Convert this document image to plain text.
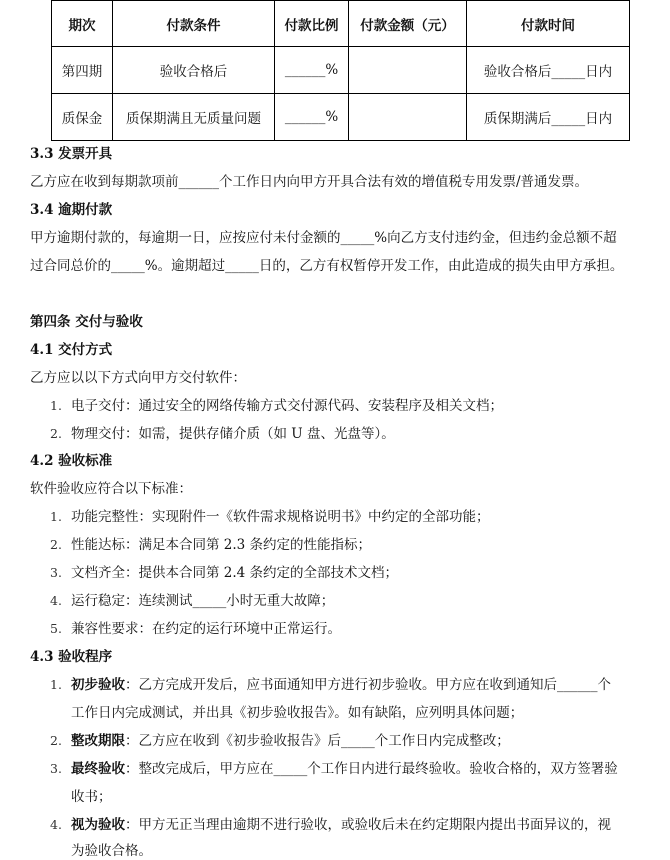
期次	付款条件	付款比例	付款金额（元）	付款时间
第四期	验收合格后	______%		验收合格后_____日内
质保金	质保期满且无质量问题	______%		质保期满后_____日内
3.3 发票开具
乙方应在收到每期款项前______个工作日内向甲方开具合法有效的增值税专用发票/普通发票。
3.4 逾期付款
甲方逾期付款的，每逾期一日，应按应付未付金额的_____%向乙方支付违约金，但违约金总额不超
过合同总价的_____%。逾期超过_____日的，乙方有权暂停开发工作，由此造成的损失由甲方承担。
第四条 交付与验收
4.1 交付方式
乙方应以以下方式向甲方交付软件：
1. 电子交付：通过安全的网络传输方式交付源代码、安装程序及相关文档；
2. 物理交付：如需，提供存储介质（如 U 盘、光盘等）。
4.2 验收标准
软件验收应符合以下标准：
1. 功能完整性：实现附件一《软件需求规格说明书》中约定的全部功能；
2. 性能达标：满足本合同第 2.3 条约定的性能指标；
3. 文档齐全：提供本合同第 2.4 条约定的全部技术文档；
4. 运行稳定：连续测试_____小时无重大故障；
5. 兼容性要求：在约定的运行环境中正常运行。
4.3 验收程序
1. 初步验收：乙方完成开发后，应书面通知甲方进行初步验收。甲方应在收到通知后______个
工作日内完成测试，并出具《初步验收报告》。如有缺陷，应列明具体问题；
2. 整改期限：乙方应在收到《初步验收报告》后_____个工作日内完成整改；
3. 最终验收：整改完成后，甲方应在_____个工作日内进行最终验收。验收合格的，双方签署验
收书；
4. 视为验收：甲方无正当理由逾期不进行验收，或验收后未在约定期限内提出书面异议的，视
为验收合格。
